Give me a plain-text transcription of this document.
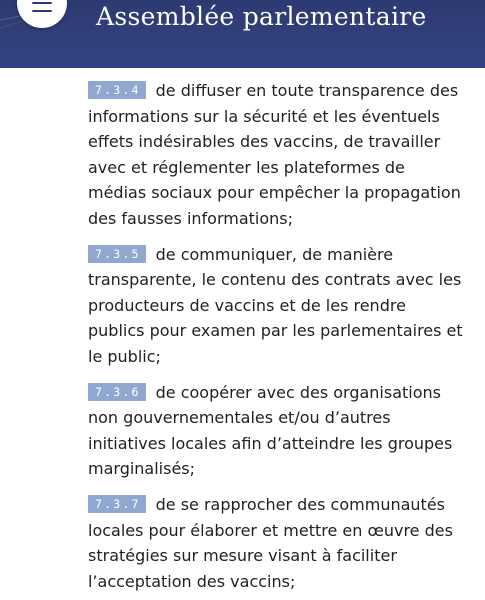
Assemblée parlementaire
7.3.4 de diffuser en toute transparence des informations sur la sécurité et les éventuels effets indésirables des vaccins, de travailler avec et réglementer les plateformes de médias sociaux pour empêcher la propagation des fausses informations;
7.3.5 de communiquer, de manière transparente, le contenu des contrats avec les producteurs de vaccins et de les rendre publics pour examen par les parlementaires et le public;
7.3.6 de coopérer avec des organisations non gouvernementales et/ou d’autres initiatives locales afin d’atteindre les groupes marginalisés;
7.3.7 de se rapprocher des communautés locales pour élaborer et mettre en œuvre des stratégies sur mesure visant à faciliter l’acceptation des vaccins;
